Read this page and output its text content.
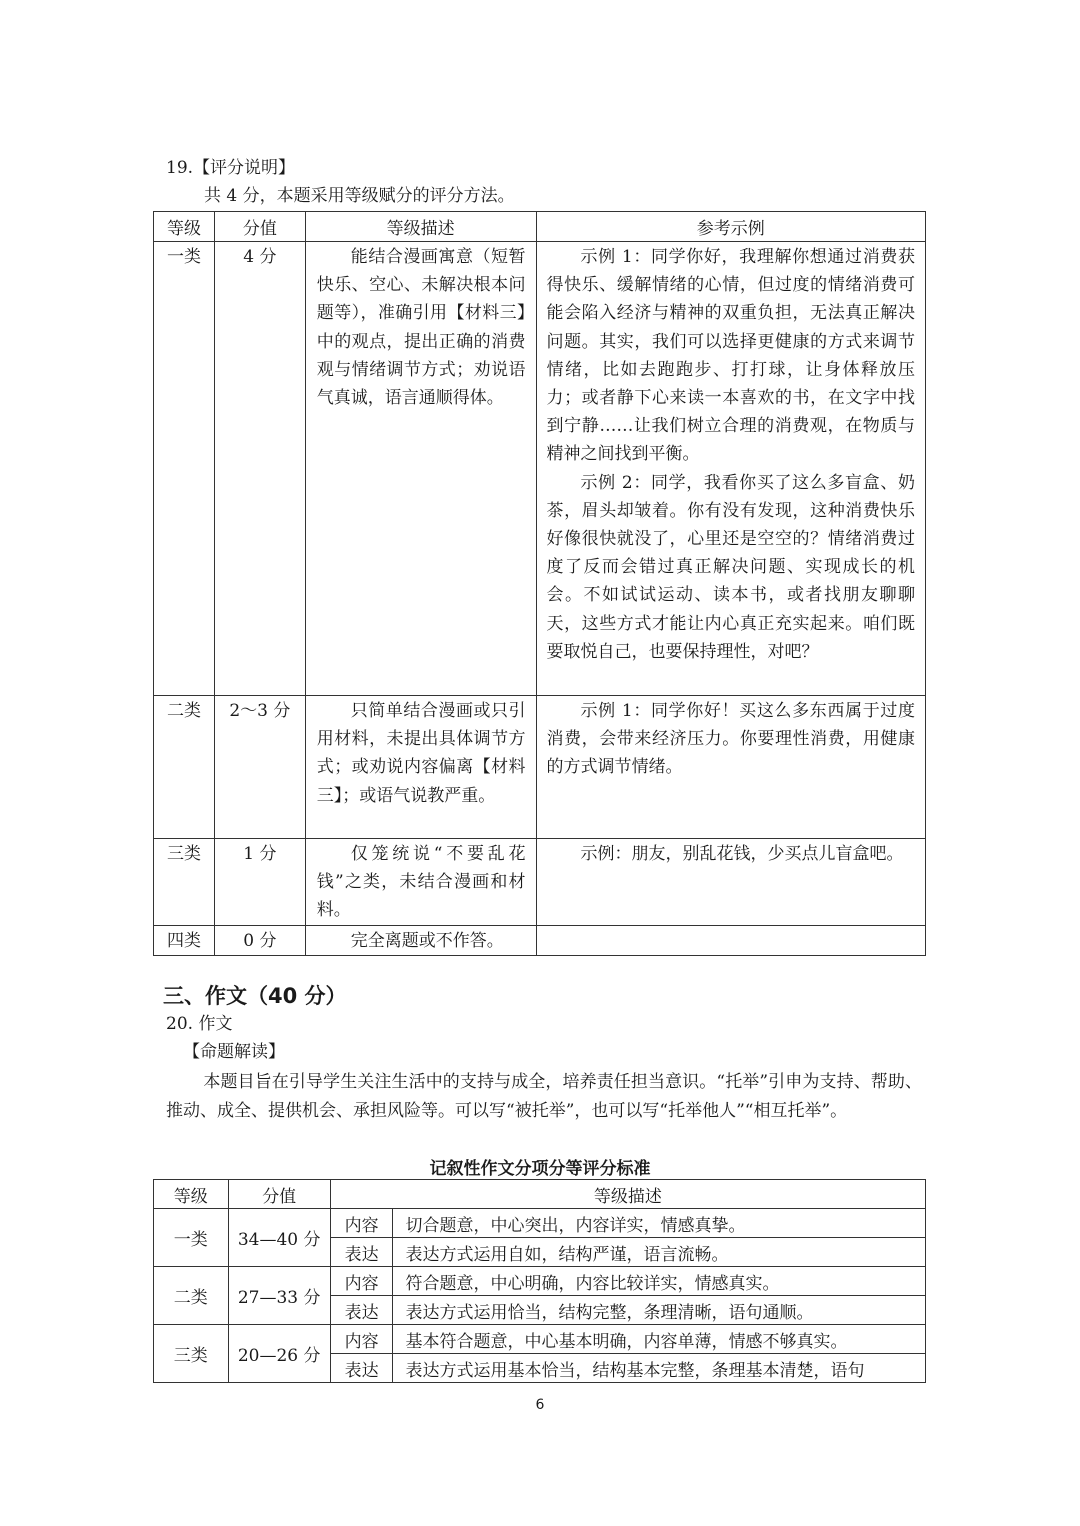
19.【评分说明】
共 4 分，本题采用等级赋分的评分方法。
等级	分值	等级描述	参考示例
一类	4 分	能结合漫画寓意（短暂快乐、空心、未解决根本问题等），准确引用【材料三】中的观点，提出正确的消费观与情绪调节方式；劝说语气真诚，语言通顺得体。	示例 1：同学你好，我理解你想通过消费获得快乐、缓解情绪的心情，但过度的情绪消费可能会陷入经济与精神的双重负担，无法真正解决问题。其实，我们可以选择更健康的方式来调节情绪，比如去跑跑步、打打球，让身体释放压力；或者静下心来读一本喜欢的书，在文字中找到宁静……让我们树立合理的消费观，在物质与精神之间找到平衡。

示例 2：同学，我看你买了这么多盲盒、奶茶，眉头却皱着。你有没有发现，这种消费快乐好像很快就没了，心里还是空空的？情绪消费过度了反而会错过真正解决问题、实现成长的机会。不如试试运动、读本书，或者找朋友聊聊天，这些方式才能让内心真正充实起来。咱们既要取悦自己，也要保持理性，对吧？

二类	2～3 分	只简单结合漫画或只引用材料，未提出具体调节方式；或劝说内容偏离【材料三】；或语气说教严重。	示例 1：同学你好！买这么多东西属于过度消费，会带来经济压力。你要理性消费，用健康的方式调节情绪。

三类	1 分	仅笼统说“不要乱花钱”之类，未结合漫画和材料。	示例：朋友，别乱花钱，少买点儿盲盒吧。

四类	0 分	完全离题或不作答。	
三、作文（40 分）
20. 作文
【命题解读】
本题目旨在引导学生关注生活中的支持与成全，培养责任担当意识。“托举”引申为支持、帮助、推动、成全、提供机会、承担风险等。可以写“被托举”，也可以写“托举他人”“相互托举”。
记叙性作文分项分等评分标准
等级	分值	等级描述	
一类	34—40 分	内容	切合题意，中心突出，内容详实，情感真挚。
		表达	表达方式运用自如，结构严谨，语言流畅。
二类	27—33 分	内容	符合题意，中心明确，内容比较详实，情感真实。
		表达	表达方式运用恰当，结构完整，条理清晰，语句通顺。
三类	20—26 分	内容	基本符合题意，中心基本明确，内容单薄，情感不够真实。
		表达	表达方式运用基本恰当，结构基本完整，条理基本清楚，语句
6
